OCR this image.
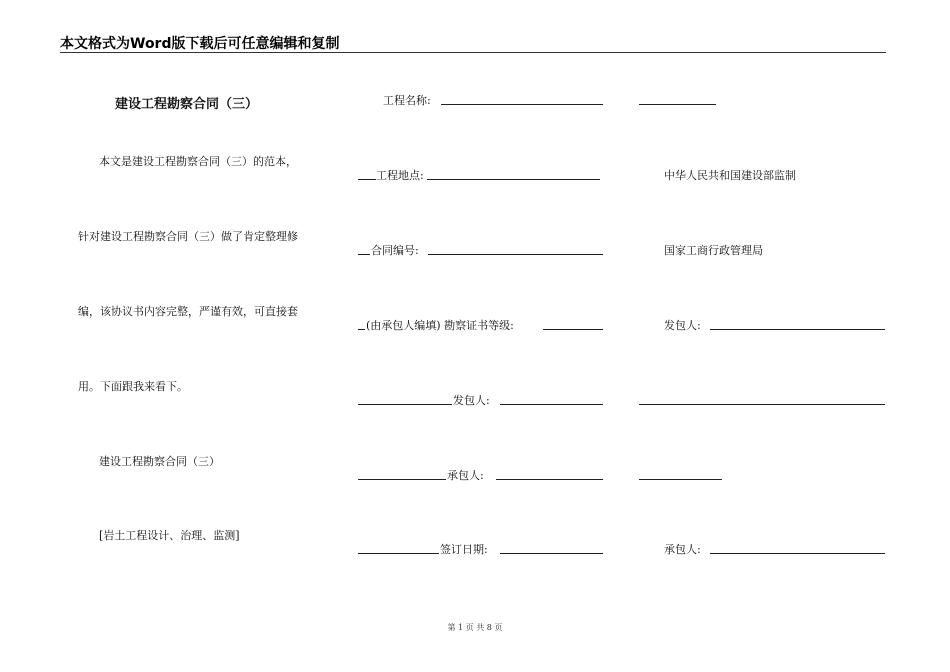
本文格式为Word版下载后可任意编辑和复制
建设工程勘察合同（三）
本文是建设工程勘察合同（三）的范本，
针对建设工程勘察合同（三）做了肯定整理修
编，该协议书内容完整，严谨有效，可直接套
用。下面跟我来看下。
建设工程勘察合同（三）
[岩土工程设计、治理、监测]
工程名称:
工程地点:
合同编号:
(由承包人编填) 勘察证书等级:
发包人:
承包人:
签订日期:
中华人民共和国建设部监制
国家工商行政管理局
发包人:
承包人:
第 1 页 共 8 页
